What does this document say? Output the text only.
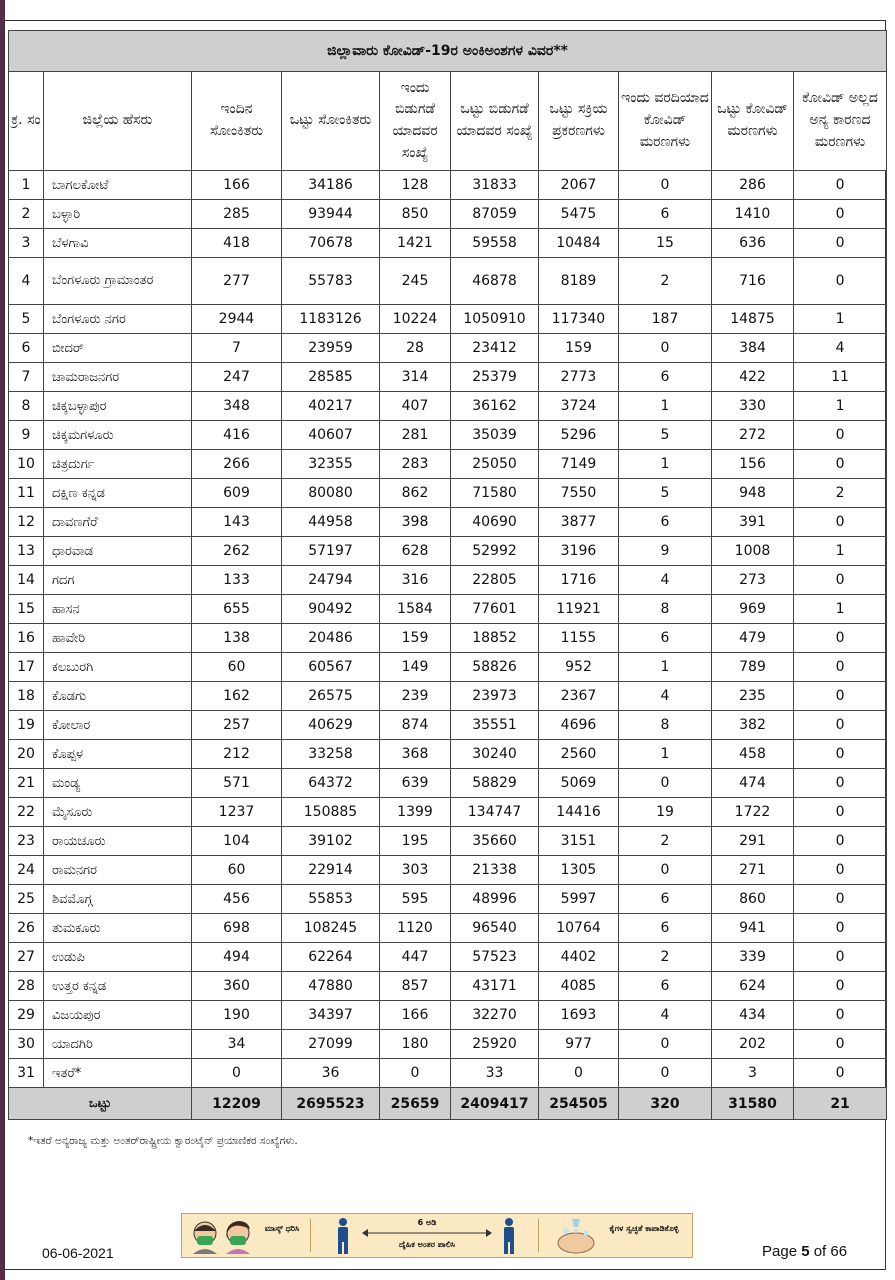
ಜಿಲ್ಲಾವಾರು ಕೋವಿಡ್‌-19ರ ಅಂಕಿಅಂಶಗಳ ವಿವರ**									
ಕ್ರ. ಸಂ	ಜಿಲ್ಲೆಯ ಹೆಸರು	ಇಂದಿನ ಸೋಂಕಿತರು	ಒಟ್ಟು ಸೋಂಕಿತರು	ಇಂದು ಬಿಡುಗಡೆ ಯಾದವರ ಸಂಖ್ಯೆ	ಒಟ್ಟು ಬಿಡುಗಡೆ ಯಾದವರ ಸಂಖ್ಯೆ	ಒಟ್ಟು ಸಕ್ರಿಯ ಪ್ರಕರಣಗಳು	ಇಂದು ವರದಿಯಾದ ಕೋವಿಡ್‌ ಮರಣಗಳು	ಒಟ್ಟು ಕೋವಿಡ್‌ ಮರಣಗಳು	ಕೋವಿಡ್‌ ಅಲ್ಲದ ಅನ್ಯ ಕಾರಣದ ಮರಣಗಳು
1	ಬಾಗಲಕೋಟೆ	166	34186	128	31833	2067	0	286	0
2	ಬಳ್ಳಾರಿ	285	93944	850	87059	5475	6	1410	0
3	ಬೆಳಗಾವಿ	418	70678	1421	59558	10484	15	636	0
4	ಬೆಂಗಳೂರು ಗ್ರಾಮಾಂತರ	277	55783	245	46878	8189	2	716	0
5	ಬೆಂಗಳೂರು ನಗರ	2944	1183126	10224	1050910	117340	187	14875	1
6	ಬೀದರ್	7	23959	28	23412	159	0	384	4
7	ಚಾಮರಾಜನಗರ	247	28585	314	25379	2773	6	422	11
8	ಚಿಕ್ಕಬಳ್ಳಾಪುರ	348	40217	407	36162	3724	1	330	1
9	ಚಿಕ್ಕಮಗಳೂರು	416	40607	281	35039	5296	5	272	0
10	ಚಿತ್ರದುರ್ಗ	266	32355	283	25050	7149	1	156	0
11	ದಕ್ಷಿಣ ಕನ್ನಡ	609	80080	862	71580	7550	5	948	2
12	ದಾವಣಗೆರೆ	143	44958	398	40690	3877	6	391	0
13	ಧಾರವಾಡ	262	57197	628	52992	3196	9	1008	1
14	ಗದಗ	133	24794	316	22805	1716	4	273	0
15	ಹಾಸನ	655	90492	1584	77601	11921	8	969	1
16	ಹಾವೇರಿ	138	20486	159	18852	1155	6	479	0
17	ಕಲಬುರಗಿ	60	60567	149	58826	952	1	789	0
18	ಕೊಡಗು	162	26575	239	23973	2367	4	235	0
19	ಕೋಲಾರ	257	40629	874	35551	4696	8	382	0
20	ಕೊಪ್ಪಳ	212	33258	368	30240	2560	1	458	0
21	ಮಂಡ್ಯ	571	64372	639	58829	5069	0	474	0
22	ಮೈಸೂರು	1237	150885	1399	134747	14416	19	1722	0
23	ರಾಯಚೂರು	104	39102	195	35660	3151	2	291	0
24	ರಾಮನಗರ	60	22914	303	21338	1305	0	271	0
25	ಶಿವಮೊಗ್ಗ	456	55853	595	48996	5997	6	860	0
26	ತುಮಕೂರು	698	108245	1120	96540	10764	6	941	0
27	ಉಡುಪಿ	494	62264	447	57523	4402	2	339	0
28	ಉತ್ತರ ಕನ್ನಡ	360	47880	857	43171	4085	6	624	0
29	ವಿಜಯಪುರ	190	34397	166	32270	1693	4	434	0
30	ಯಾದಗಿರಿ	34	27099	180	25920	977	0	202	0
31	ಇತರೆ*	0	36	0	33	0	0	3	0
ಒಟ್ಟು		12209	2695523	25659	2409417	254505	320	31580	21
*ಇತರೆ ಅನ್ಯರಾಜ್ಯ ಮತ್ತು ಅಂತರ್‌ರಾಷ್ಟ್ರೀಯ ಕ್ವಾರಂಟೈನ್ ಪ್ರಯಾಣಿಕರ ಸಂಖ್ಯೆಗಳು.
ಮಾಸ್ಕ್ ಧರಿಸಿ
6 ಅಡಿ
ದೈಹಿಕ ಅಂತರ ಪಾಲಿಸಿ
ಕೈಗಳ ಸ್ವಚ್ಛತೆ ಕಾಪಾಡಿಕೊಳ್ಳಿ
06-06-2021	Page 5 of 66
